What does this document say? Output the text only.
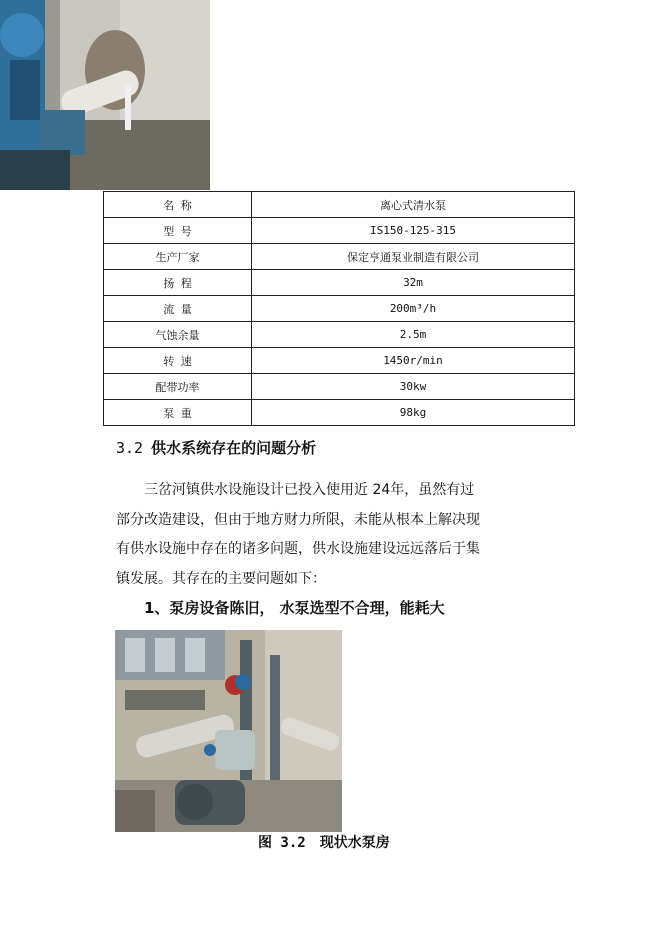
名 称	离心式清水泵
型 号	IS150-125-315
生产厂家	保定亨通泵业制造有限公司
扬 程	32m
流 量	200m³/h
气蚀余量	2.5m
转 速	1450r/min
配带功率	30kw
泵 重	98kg
3.2 供水系统存在的问题分析

三岔河镇供水设施设计已投入使用近 24年，虽然有过
部分改造建设，但由于地方财力所限，未能从根本上解决现
有供水设施中存在的诸多问题，供水设施建设远远落后于集
镇发展。其存在的主要问题如下：

1、泵房设备陈旧， 水泵选型不合理，能耗大

图 3.2 现状水泵房
